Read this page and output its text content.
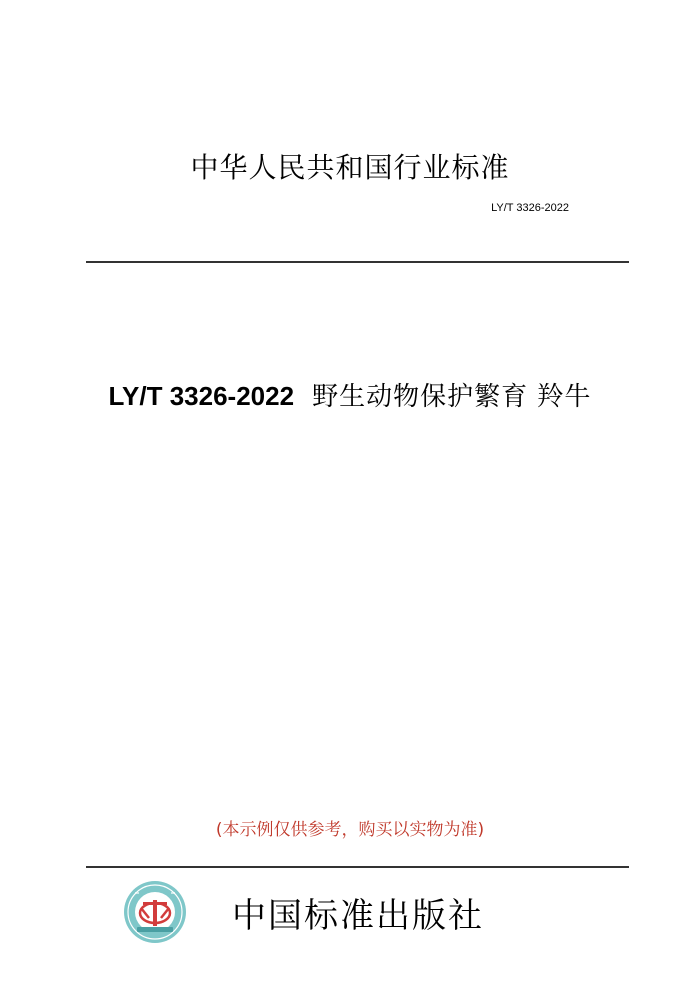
中华人民共和国行业标准
LY/T 3326-2022
LY/T 3326-2022 野生动物保护繁育 羚牛
(本示例仅供参考，购买以实物为准)
中国标准出版社
